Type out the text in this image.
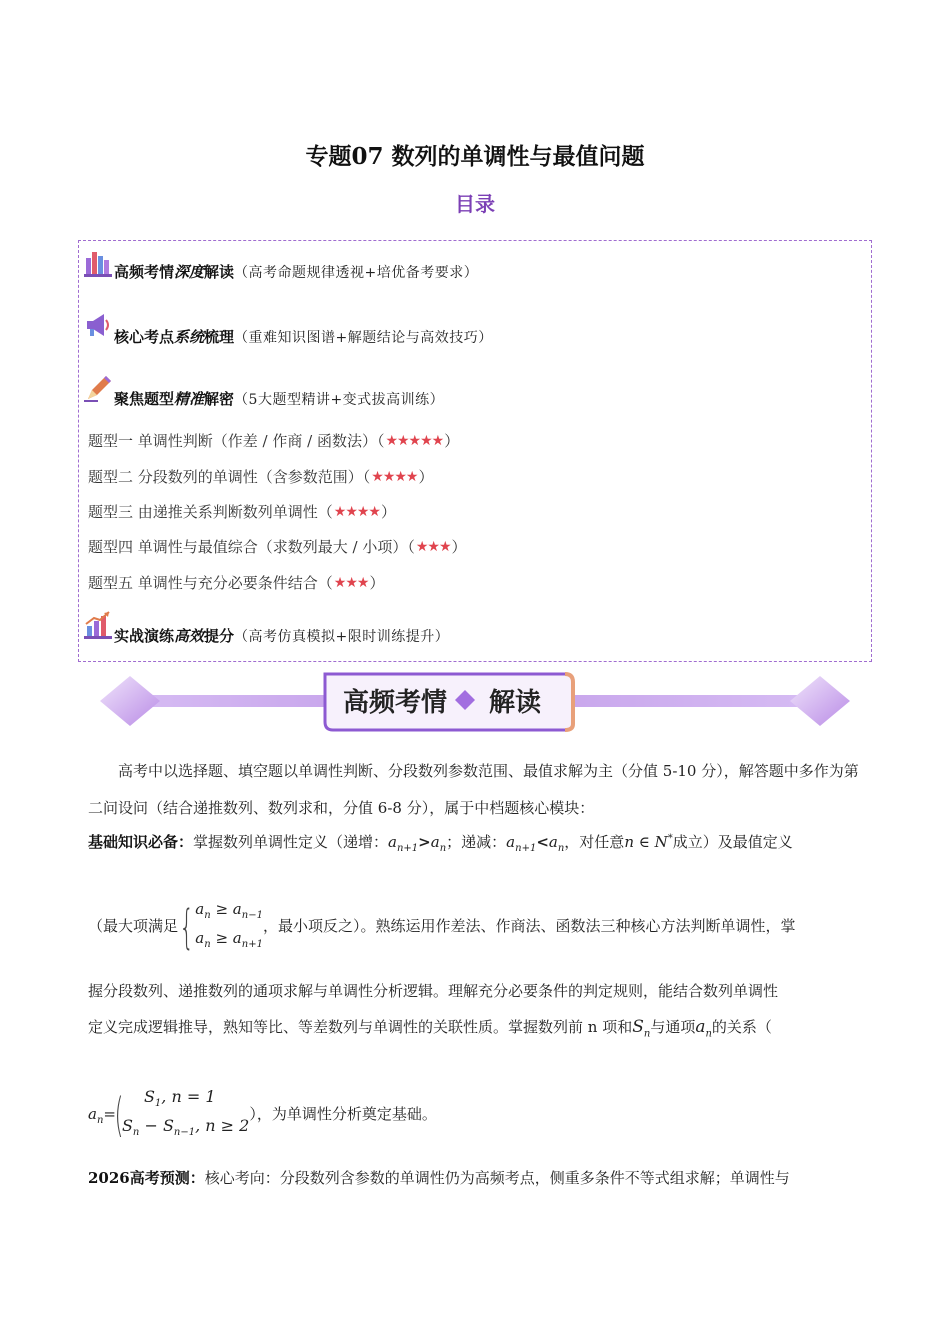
专题07 数列的单调性与最值问题
目录
高频考情深度解读 （高考命题规律透视+培优备考要求）
核心考点系统梳理 （重难知识图谱+解题结论与高效技巧）
聚焦题型精准解密 （5大题型精讲+变式拔高训练）
题型一 单调性判断（作差 / 作商 / 函数法）（ ★★★★★ ）
题型二 分段数列的单调性（含参数范围）（ ★★★★ ）
题型三 由递推关系判断数列单调性（ ★★★★ ）
题型四 单调性与最值综合（求数列最大 / 小项）（ ★★★ ）
题型五 单调性与充分必要条件结合（ ★★★ ）
实战演练高效提分 （高考仿真模拟+限时训练提升）
高频考情 解读
高考中以选择题、填空题以单调性判断、分段数列参数范围、最值求解为主（分值 5-10 分），解答题中多作为第二问设问（结合递推数列、数列求和，分值 6-8 分），属于中档题核心模块：
基础知识必备：掌握数列单调性定义（递增：$a_{n+1}>a_n$；递减：$a_{n+1}<a_n$，对任意n ∈ N*成立）及最值定义
（最大项满足 { $a_n \ge a_{n-1}$
$a_n \ge a_{n+1}$
，最小项反之）。熟练运用作差法、作商法、函数法三种核心方法判断单调性，掌
握分段数列、递推数列的通项求解与单调性分析逻辑。理解充分必要条件的判定规则，能结合数列单调性
定义完成逻辑推导，熟知等比、等差数列与单调性的关联性质。掌握数列前 n 项和$S_n$与通项$a_n$的关系（
$a_n=$
(	$S_1$, n = 1
$S_n - S_{n-1}$, n ≥ 2
），为单调性分析奠定基础。
2026高考预测：核心考向：分段数列含参数的单调性仍为高频考点，侧重多条件不等式组求解；单调性与
